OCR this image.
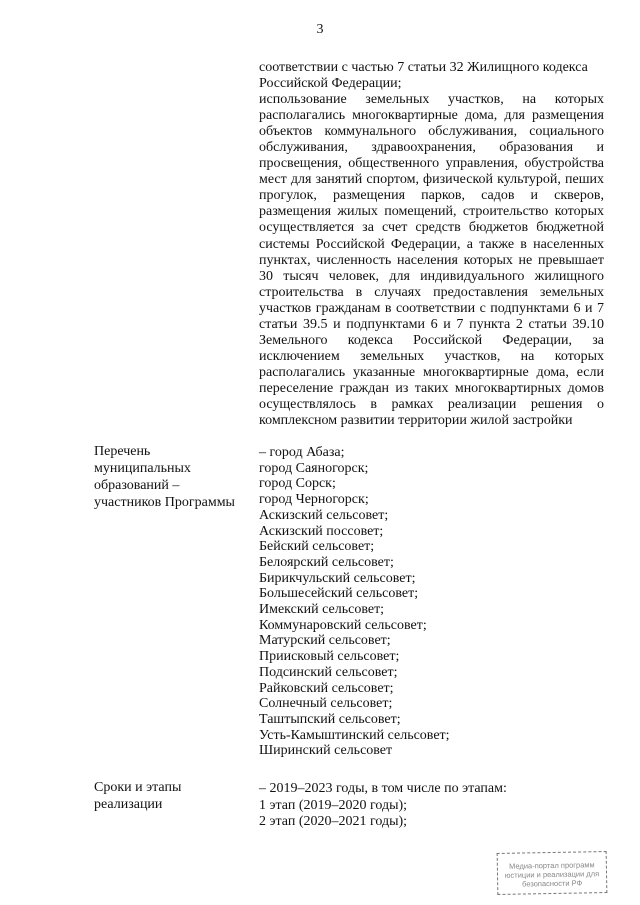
3
соответствии с частью 7 статьи 32 Жилищного кодекса
Российской Федерации;
использование земельных участков, на которых
располагались многоквартирные дома, для размещения
объектов коммунального обслуживания, социального
обслуживания, здравоохранения, образования и
просвещения, общественного управления, обустройства
мест для занятий спортом, физической культурой, пеших
прогулок, размещения парков, садов и скверов,
размещения жилых помещений, строительство которых
осуществляется за счет средств бюджетов бюджетной
системы Российской Федерации, а также в населенных
пунктах, численность населения которых не превышает
30 тысяч человек, для индивидуального жилищного
строительства в случаях предоставления земельных
участков гражданам в соответствии с подпунктами 6 и 7
статьи 39.5 и подпунктами 6 и 7 пункта 2 статьи 39.10
Земельного кодекса Российской Федерации, за
исключением земельных участков, на которых
располагались указанные многоквартирные дома, если
переселение граждан из таких многоквартирных домов
осуществлялось в рамках реализации решения о
комплексном развитии территории жилой застройки
Перечень
муниципальных
образований –
участников Программы
– город Абаза;
город Саяногорск;
город Сорск;
город Черногорск;
Аскизский сельсовет;
Аскизский поссовет;
Бейский сельсовет;
Белоярский сельсовет;
Бирикчульский сельсовет;
Большесейский сельсовет;
Имекский сельсовет;
Коммунаровский сельсовет;
Матурский сельсовет;
Приисковый сельсовет;
Подсинский сельсовет;
Райковский сельсовет;
Солнечный сельсовет;
Таштыпский сельсовет;
Усть-Камыштинский сельсовет;
Ширинский сельсовет
Сроки и этапы
реализации
– 2019–2023 годы, в том числе по этапам:
1 этап (2019–2020 годы);
2 этап (2020–2021 годы);
Медиа-портал программ
юстиции и реализации для
безопасности РФ
